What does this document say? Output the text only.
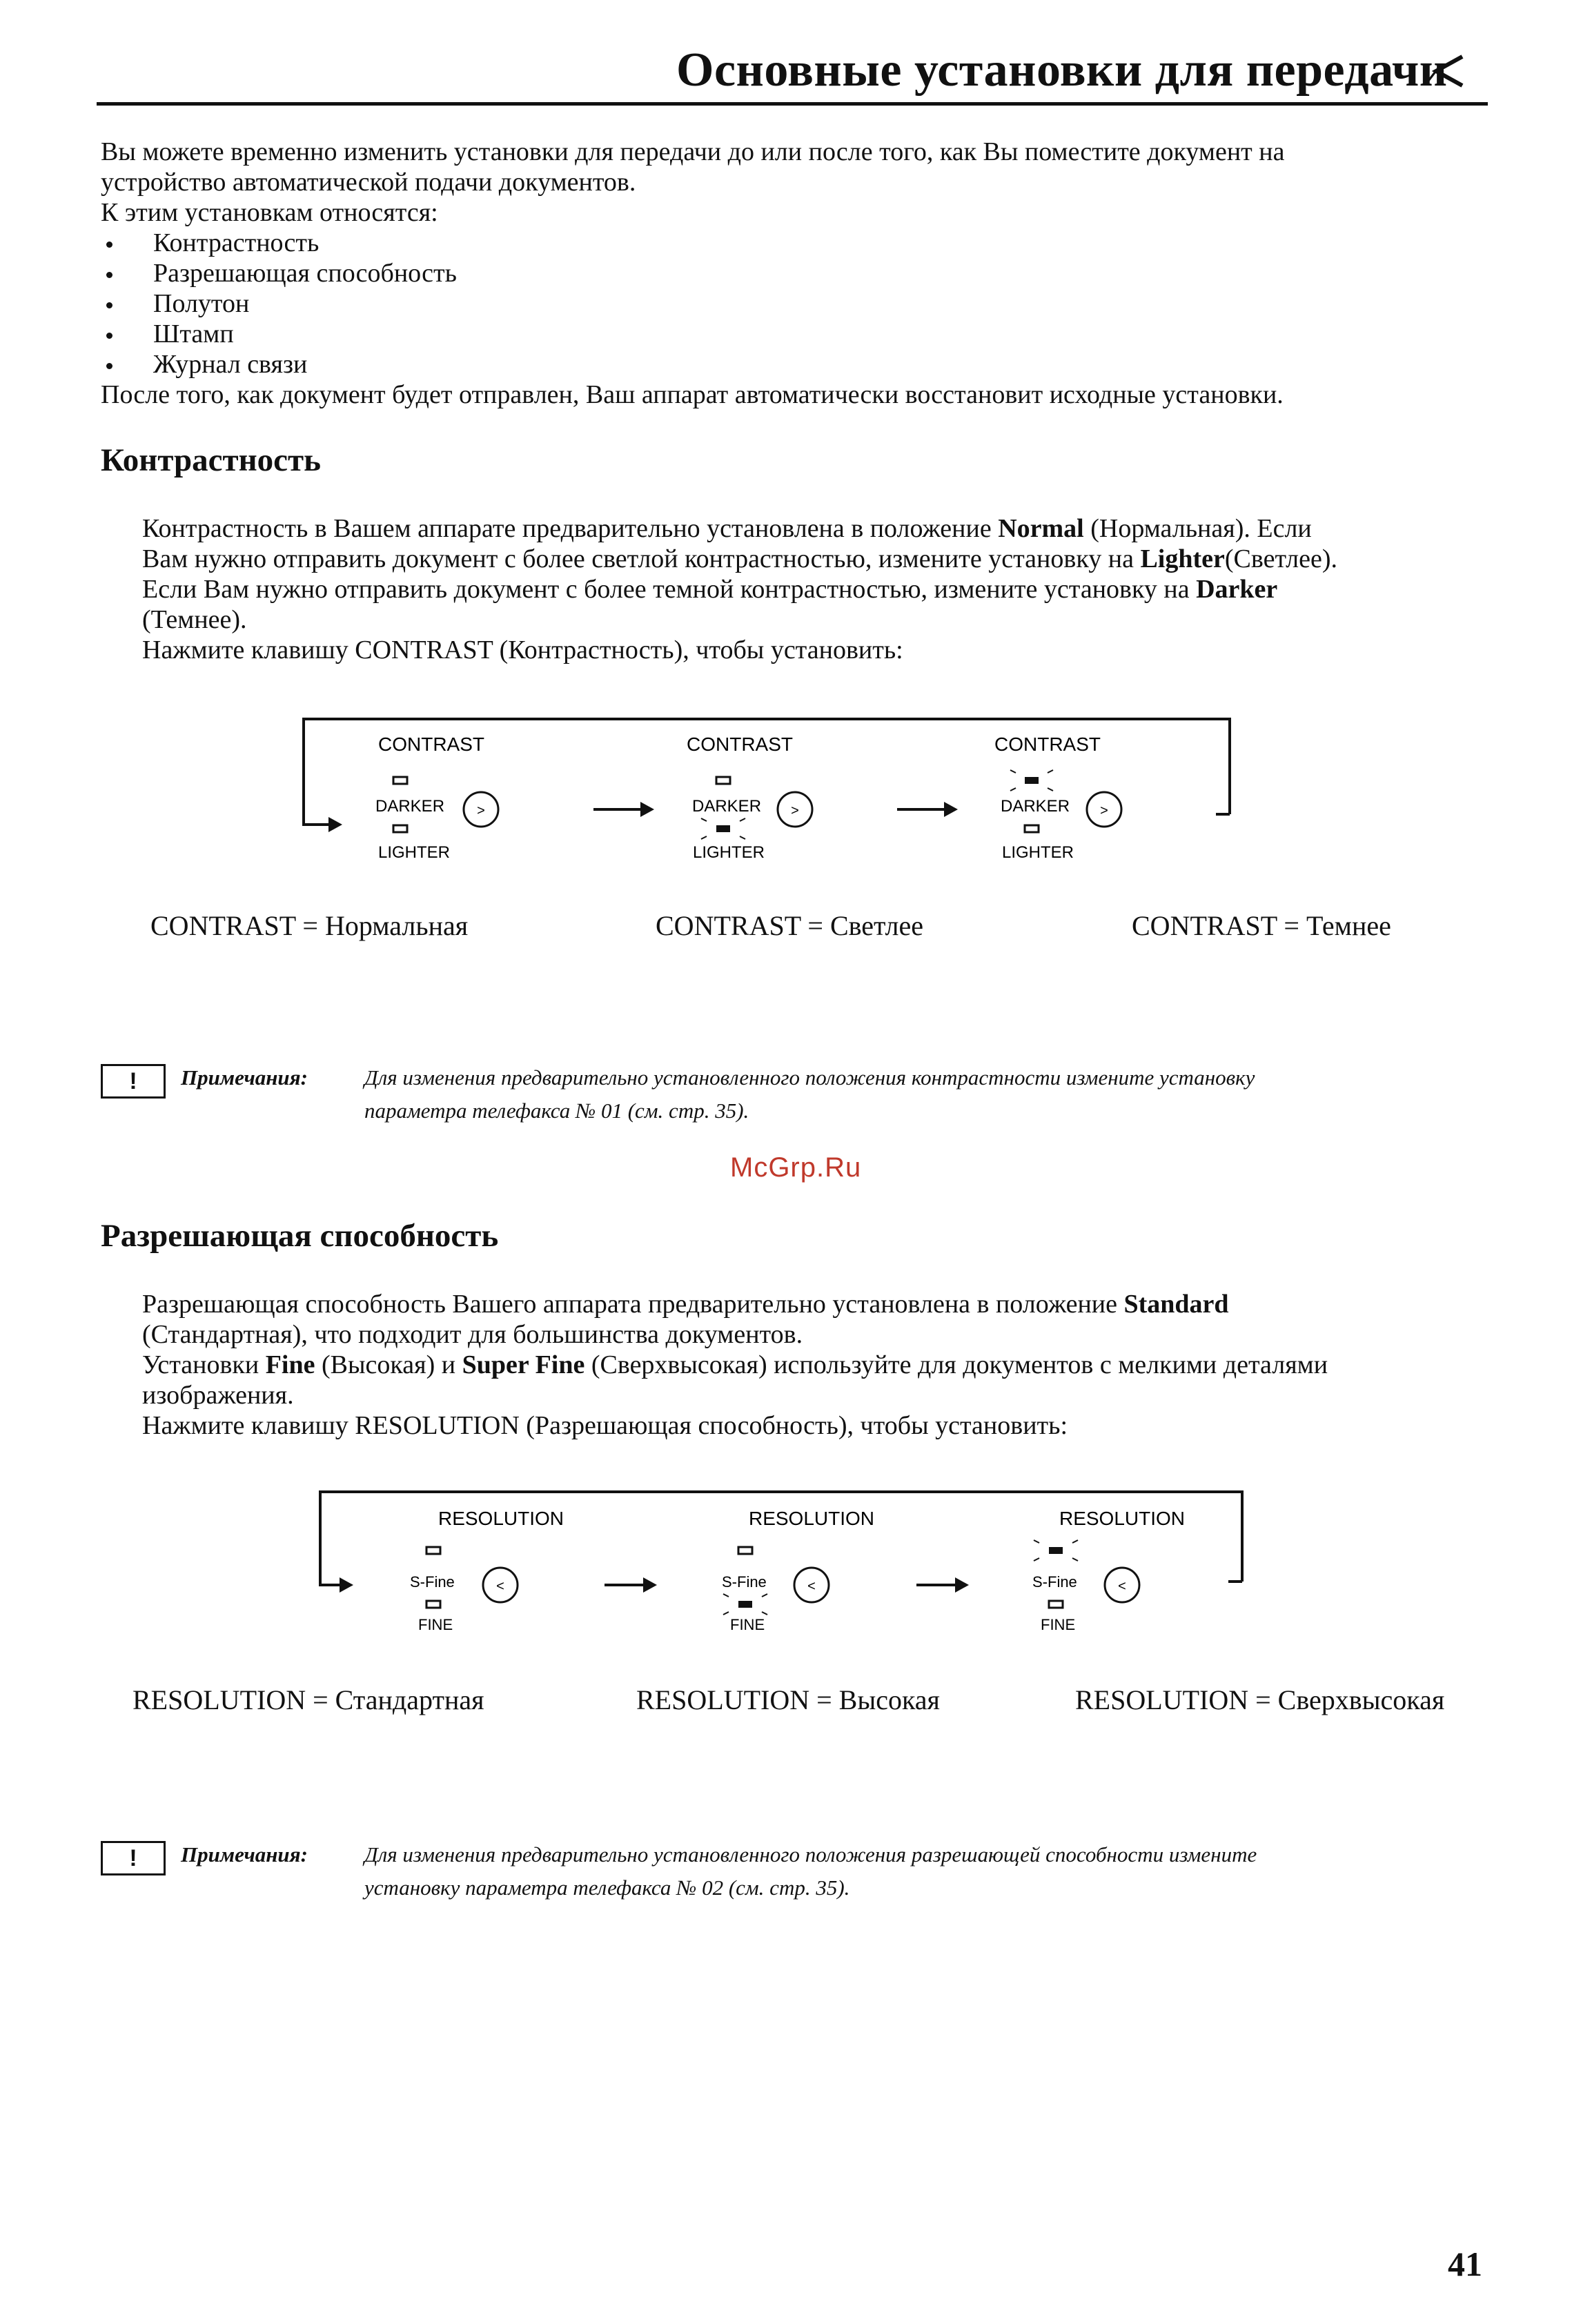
Основные установки для передачи

Вы можете временно изменить установки для передачи до или после того, как Вы поместите документ на

устройство автоматической подачи документов.

К этим установкам относятся:

Контрастность
Разрешающая способность
Полутон
Штамп
Журнал связи

После того, как документ будет отправлен, Ваш аппарат автоматически восстановит исходные установки.

Контрастность

Контрастность в Вашем аппарате предварительно установлена в положение Normal (Нормальная). Если

Вам нужно отправить документ с более светлой контрастностью, измените установку на Lighter(Светлее).

Если Вам нужно отправить документ с более темной контрастностью, измените установку на Darker

(Темнее).

Нажмите клавишу CONTRAST (Контрастность), чтобы установить:

CONTRAST
DARKER
LIGHTER
>
CONTRAST
DARKER
LIGHTER
>
CONTRAST
DARKER
LIGHTER
>
CONTRAST = Нормальная	CONTRAST = Светлее	CONTRAST = Темнее
!	Примечания:	Для изменения предварительно установленного положения контрастности измените установку
параметра телефакса № 01 (см. стр. 35).
McGrp.Ru
Разрешающая способность

Разрешающая способность Вашего аппарата предварительно установлена в положение Standard

(Стандартная), что подходит для большинства документов.

Установки Fine (Высокая) и Super Fine (Сверхвысокая) используйте для документов с мелкими деталями

изображения.

Нажмите клавишу RESOLUTION (Разрешающая способность), чтобы установить:

RESOLUTION
S-Fine
FINE
<
RESOLUTION
S-Fine
FINE
<
RESOLUTION
S-Fine
FINE
<
RESOLUTION = Стандартная	RESOLUTION = Высокая	RESOLUTION = Сверхвысокая
!	Примечания:	Для изменения предварительно установленного положения разрешающей способности измените
установку параметра телефакса № 02 (см. стр. 35).
41
